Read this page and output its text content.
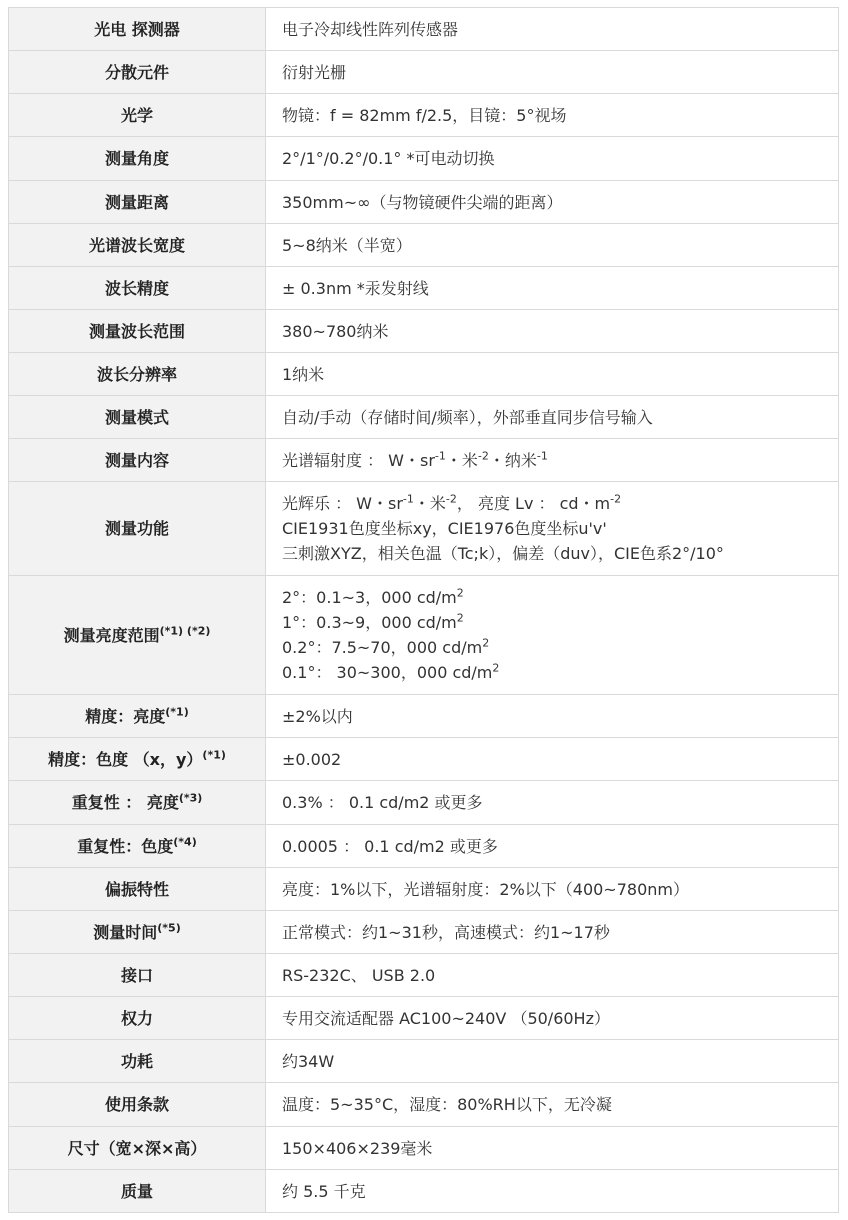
光电 探测器	电子冷却线性阵列传感器

分散元件	衍射光栅

光学	物镜：f = 82mm f/2.5，目镜：5°视场

测量角度	2°/1°/0.2°/0.1° *可电动切换

测量距离	350mm~∞（与物镜硬件尖端的距离）

光谱波长宽度	5~8纳米（半宽）

波长精度	± 0.3nm *汞发射线

测量波长范围	380~780纳米

波长分辨率	1纳米

测量模式	自动/手动（存储时间/频率），外部垂直同步信号输入

测量内容	光谱辐射度 ： W・$sr^{-1}$・米$^{-2}$・纳米$^{-1}$

测量功能	光辉乐 ： W・$sr^{-1}$・米$^{-2}$， 亮度 Lv ： cd・$m^{-2}$
CIE1931色度坐标xy，CIE1976色度坐标u'v'
三刺激XYZ，相关色温（Tc;k），偏差（duv），CIE色系2°/10°

测量亮度范围$^{(*1) (*2)}$	2°：0.1~3，000 $cd/m^2$
1°：0.3~9，000 $cd/m^2$
0.2°：7.5~70，000 $cd/m^2$
0.1°： 30~300，000 $cd/m^2$

精度：亮度$^{(*1)}$	±2%以内

精度：色度 （x，y）$^{(*1)}$	±0.002

重复性 ： 亮度$^{(*3)}$	0.3% ： 0.1 cd/m2 或更多

重复性：色度$^{(*4)}$	0.0005 ： 0.1 cd/m2 或更多

偏振特性	亮度：1%以下，光谱辐射度：2%以下（400~780nm）

测量时间$^{(*5)}$	正常模式：约1~31秒，高速模式：约1~17秒

接口	RS-232C、 USB 2.0

权力	专用交流适配器 AC100~240V （50/60Hz）

功耗	约34W

使用条款	温度：5~35°C，湿度：80%RH以下，无冷凝

尺寸（宽×深×高）	150×406×239毫米

质量	约 5.5 千克
